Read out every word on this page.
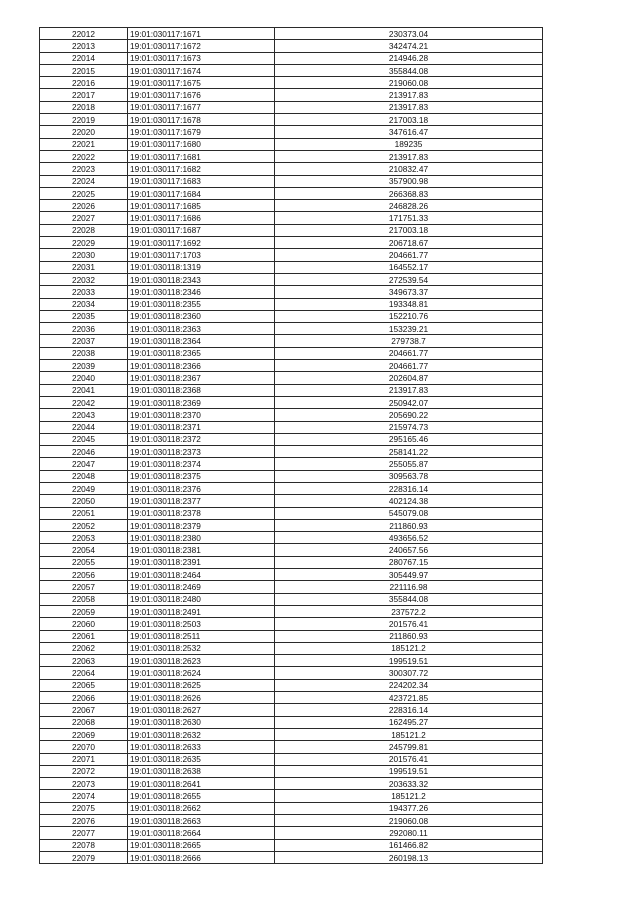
22012	19:01:030117:1671	230373.04
22013	19:01:030117:1672	342474.21
22014	19:01:030117:1673	214946.28
22015	19:01:030117:1674	355844.08
22016	19:01:030117:1675	219060.08
22017	19:01:030117:1676	213917.83
22018	19:01:030117:1677	213917.83
22019	19:01:030117:1678	217003.18
22020	19:01:030117:1679	347616.47
22021	19:01:030117:1680	189235
22022	19:01:030117:1681	213917.83
22023	19:01:030117:1682	210832.47
22024	19:01:030117:1683	357900.98
22025	19:01:030117:1684	266368.83
22026	19:01:030117:1685	246828.26
22027	19:01:030117:1686	171751.33
22028	19:01:030117:1687	217003.18
22029	19:01:030117:1692	206718.67
22030	19:01:030117:1703	204661.77
22031	19:01:030118:1319	164552.17
22032	19:01:030118:2343	272539.54
22033	19:01:030118:2346	349673.37
22034	19:01:030118:2355	193348.81
22035	19:01:030118:2360	152210.76
22036	19:01:030118:2363	153239.21
22037	19:01:030118:2364	279738.7
22038	19:01:030118:2365	204661.77
22039	19:01:030118:2366	204661.77
22040	19:01:030118:2367	202604.87
22041	19:01:030118:2368	213917.83
22042	19:01:030118:2369	250942.07
22043	19:01:030118:2370	205690.22
22044	19:01:030118:2371	215974.73
22045	19:01:030118:2372	295165.46
22046	19:01:030118:2373	258141.22
22047	19:01:030118:2374	255055.87
22048	19:01:030118:2375	309563.78
22049	19:01:030118:2376	228316.14
22050	19:01:030118:2377	402124.38
22051	19:01:030118:2378	545079.08
22052	19:01:030118:2379	211860.93
22053	19:01:030118:2380	493656.52
22054	19:01:030118:2381	240657.56
22055	19:01:030118:2391	280767.15
22056	19:01:030118:2464	305449.97
22057	19:01:030118:2469	221116.98
22058	19:01:030118:2480	355844.08
22059	19:01:030118:2491	237572.2
22060	19:01:030118:2503	201576.41
22061	19:01:030118:2511	211860.93
22062	19:01:030118:2532	185121.2
22063	19:01:030118:2623	199519.51
22064	19:01:030118:2624	300307.72
22065	19:01:030118:2625	224202.34
22066	19:01:030118:2626	423721.85
22067	19:01:030118:2627	228316.14
22068	19:01:030118:2630	162495.27
22069	19:01:030118:2632	185121.2
22070	19:01:030118:2633	245799.81
22071	19:01:030118:2635	201576.41
22072	19:01:030118:2638	199519.51
22073	19:01:030118:2641	203633.32
22074	19:01:030118:2655	185121.2
22075	19:01:030118:2662	194377.26
22076	19:01:030118:2663	219060.08
22077	19:01:030118:2664	292080.11
22078	19:01:030118:2665	161466.82
22079	19:01:030118:2666	260198.13
